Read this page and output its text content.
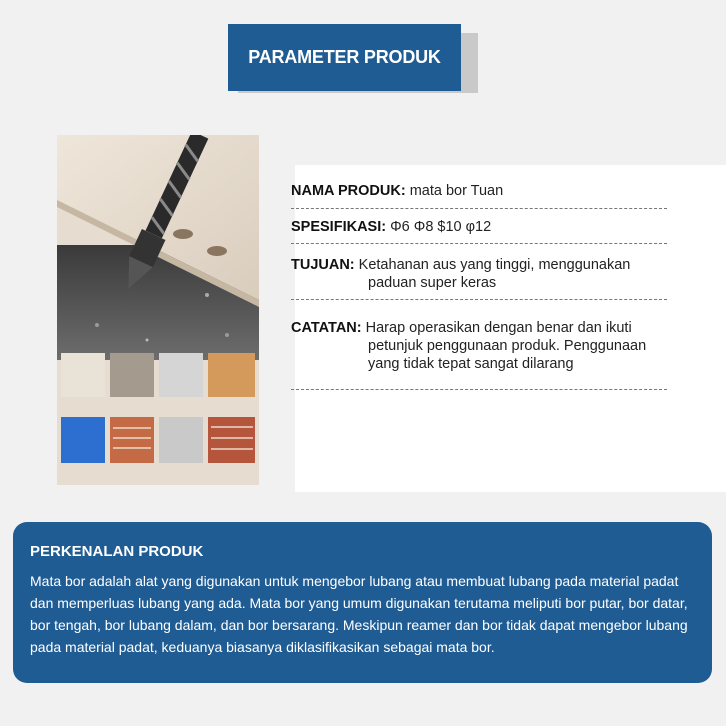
PARAMETER PRODUK
NAMA PRODUK: mata bor Tuan
SPESIFIKASI: Φ6 Φ8 $10 φ12
TUJUAN: Ketahanan aus yang tinggi, menggunakan
paduan super keras
CATATAN: Harap operasikan dengan benar dan ikuti
petunjuk penggunaan produk. Penggunaan
yang tidak tepat sangat dilarang
PERKENALAN PRODUK
Mata bor adalah alat yang digunakan untuk mengebor lubang atau membuat lubang pada material padat dan memperluas lubang yang ada. Mata bor yang umum digunakan terutama meliputi bor putar, bor datar, bor tengah, bor lubang dalam, dan bor bersarang. Meskipun reamer dan bor tidak dapat mengebor lubang pada material padat, keduanya biasanya diklasifikasikan sebagai mata bor.
